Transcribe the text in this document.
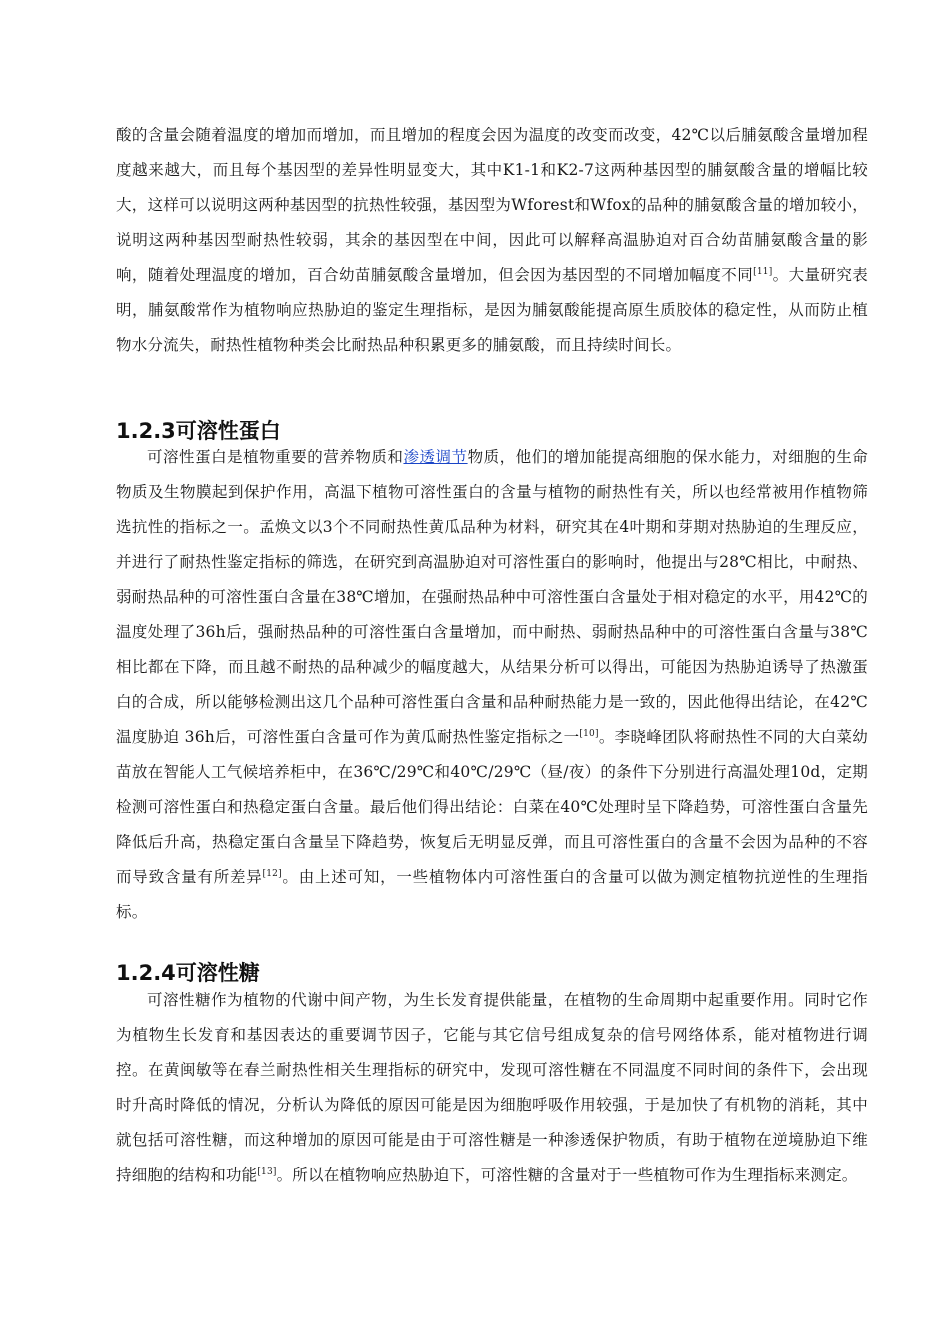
酸的含量会随着温度的增加而增加，而且增加的程度会因为温度的改变而改变，42℃以后脯氨酸含量增加程度越来越大，而且每个基因型的差异性明显变大，其中K1-1和K2-7这两种基因型的脯氨酸含量的增幅比较大，这样可以说明这两种基因型的抗热性较强，基因型为Wforest和Wfox的品种的脯氨酸含量的增加较小，说明这两种基因型耐热性较弱，其余的基因型在中间，因此可以解释高温胁迫对百合幼苗脯氨酸含量的影响，随着处理温度的增加，百合幼苗脯氨酸含量增加，但会因为基因型的不同增加幅度不同[11]。大量研究表明，脯氨酸常作为植物响应热胁迫的鉴定生理指标，是因为脯氨酸能提高原生质胶体的稳定性，从而防止植物水分流失，耐热性植物种类会比耐热品种积累更多的脯氨酸，而且持续时间长。

1.2.3可溶性蛋白

可溶性蛋白是植物重要的营养物质和渗透调节物质，他们的增加能提高细胞的保水能力，对细胞的生命物质及生物膜起到保护作用，高温下植物可溶性蛋白的含量与植物的耐热性有关，所以也经常被用作植物筛选抗性的指标之一。孟焕文以3个不同耐热性黄瓜品种为材料，研究其在4叶期和芽期对热胁迫的生理反应，并进行了耐热性鉴定指标的筛选，在研究到高温胁迫对可溶性蛋白的影响时，他提出与28℃相比，中耐热、弱耐热品种的可溶性蛋白含量在38℃增加，在强耐热品种中可溶性蛋白含量处于相对稳定的水平，用42℃的温度处理了36h后，强耐热品种的可溶性蛋白含量增加，而中耐热、弱耐热品种中的可溶性蛋白含量与38℃相比都在下降，而且越不耐热的品种减少的幅度越大，从结果分析可以得出，可能因为热胁迫诱导了热激蛋白的合成，所以能够检测出这几个品种可溶性蛋白含量和品种耐热能力是一致的，因此他得出结论，在42℃温度胁迫 36h后，可溶性蛋白含量可作为黄瓜耐热性鉴定指标之一[10]。李晓峰团队将耐热性不同的大白菜幼苗放在智能人工气候培养柜中，在36℃/29℃和40℃/29℃（昼/夜）的条件下分别进行高温处理10d，定期检测可溶性蛋白和热稳定蛋白含量。最后他们得出结论：白菜在40℃处理时呈下降趋势，可溶性蛋白含量先降低后升高，热稳定蛋白含量呈下降趋势，恢复后无明显反弹，而且可溶性蛋白的含量不会因为品种的不容而导致含量有所差异[12]。由上述可知，一些植物体内可溶性蛋白的含量可以做为测定植物抗逆性的生理指标。

1.2.4可溶性糖

可溶性糖作为植物的代谢中间产物，为生长发育提供能量，在植物的生命周期中起重要作用。同时它作为植物生长发育和基因表达的重要调节因子，它能与其它信号组成复杂的信号网络体系，能对植物进行调控。在黄闽敏等在春兰耐热性相关生理指标的研究中，发现可溶性糖在不同温度不同时间的条件下，会出现时升高时降低的情况，分析认为降低的原因可能是因为细胞呼吸作用较强，于是加快了有机物的消耗，其中就包括可溶性糖，而这种增加的原因可能是由于可溶性糖是一种渗透保护物质，有助于植物在逆境胁迫下维持细胞的结构和功能[13]。所以在植物响应热胁迫下，可溶性糖的含量对于一些植物可作为生理指标来测定。
